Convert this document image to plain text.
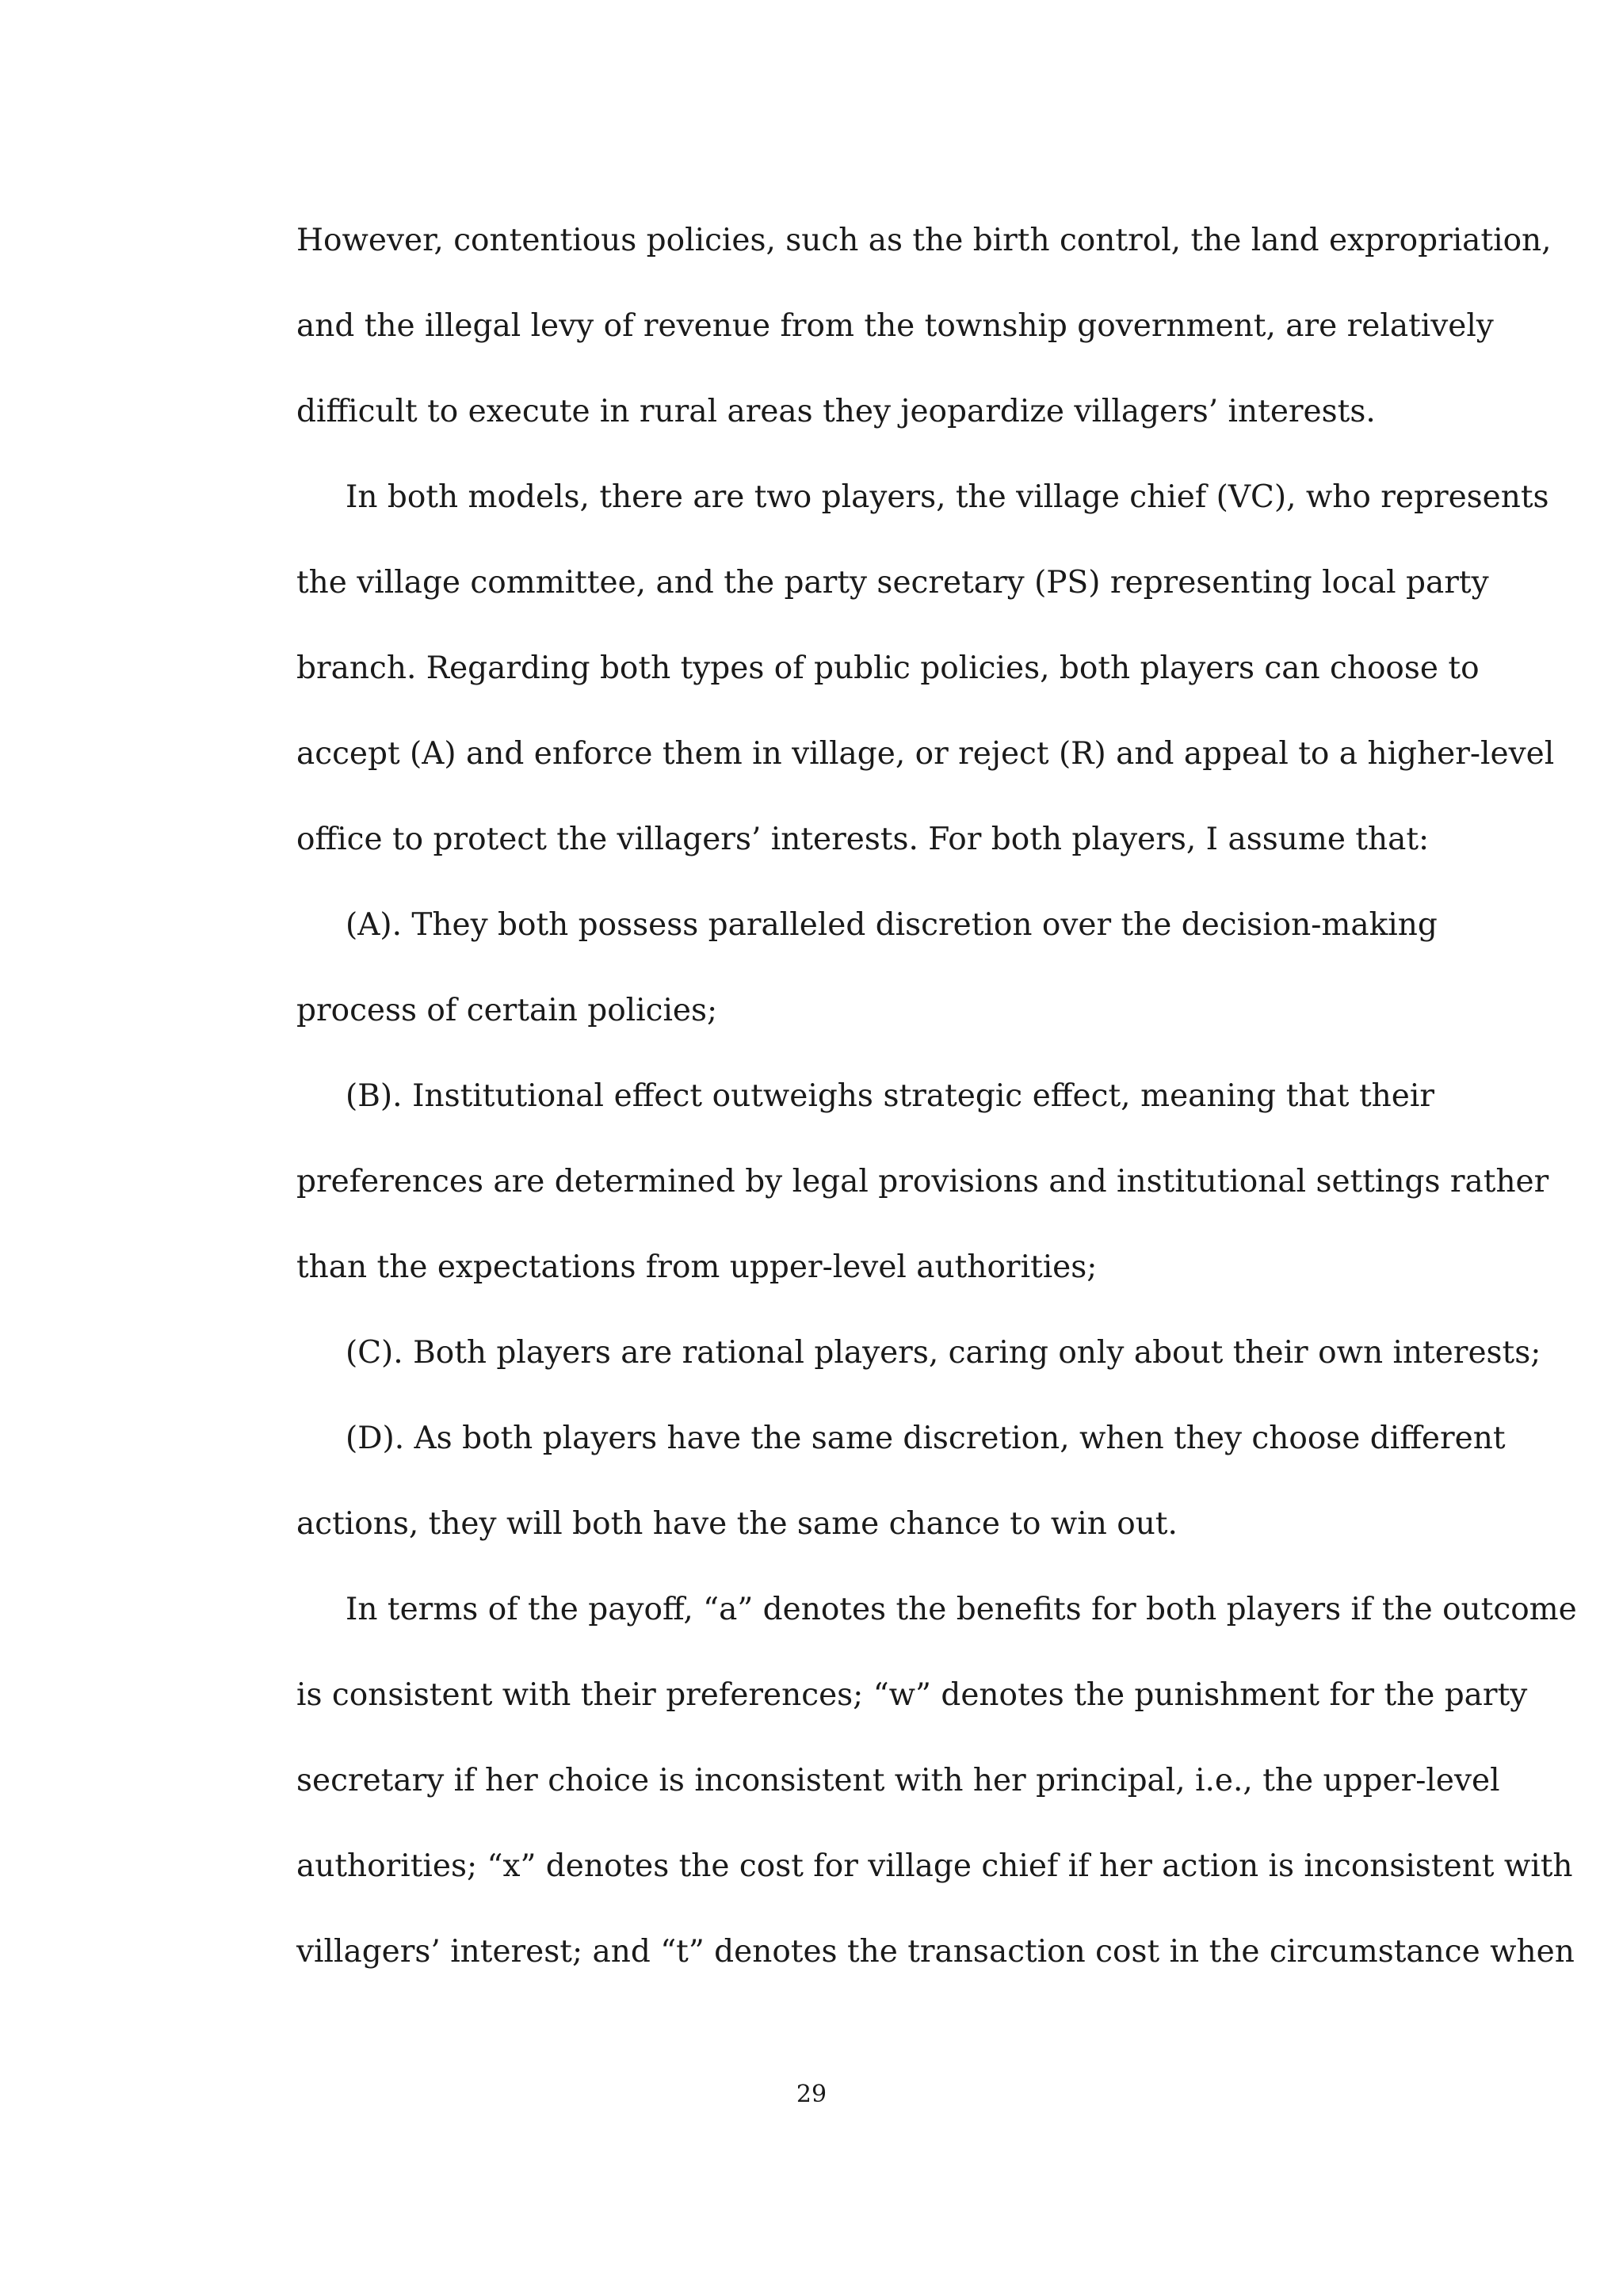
However, contentious policies, such as the birth control, the land expropriation,
and the illegal levy of revenue from the township government, are relatively
difficult to execute in rural areas they jeopardize villagers’ interests.
In both models, there are two players, the village chief (VC), who represents
the village committee, and the party secretary (PS) representing local party
branch. Regarding both types of public policies, both players can choose to
accept (A) and enforce them in village, or reject (R) and appeal to a higher-level
office to protect the villagers’ interests. For both players, I assume that:
(A). They both possess paralleled discretion over the decision-making
process of certain policies;
(B). Institutional effect outweighs strategic effect, meaning that their
preferences are determined by legal provisions and institutional settings rather
than the expectations from upper-level authorities;
(C). Both players are rational players, caring only about their own interests;
(D). As both players have the same discretion, when they choose different
actions, they will both have the same chance to win out.
In terms of the payoff, “a” denotes the benefits for both players if the outcome
is consistent with their preferences; “w” denotes the punishment for the party
secretary if her choice is inconsistent with her principal, i.e., the upper-level
authorities; “x” denotes the cost for village chief if her action is inconsistent with
villagers’ interest; and “t” denotes the transaction cost in the circumstance when
29
